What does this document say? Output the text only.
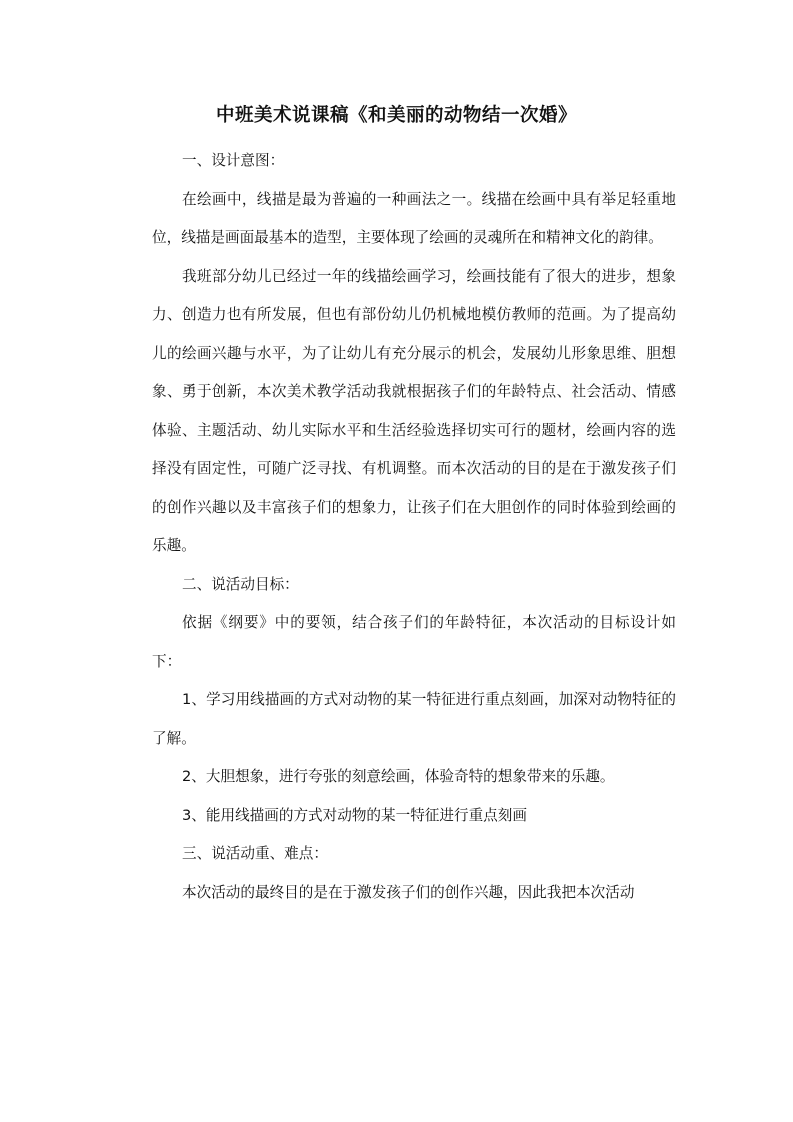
中班美术说课稿《和美丽的动物结一次婚》

一、设计意图：

在绘画中，线描是最为普遍的一种画法之一。线描在绘画中具有举足轻重地位，线描是画面最基本的造型，主要体现了绘画的灵魂所在和精神文化的韵律。

我班部分幼儿已经过一年的线描绘画学习，绘画技能有了很大的进步，想象力、创造力也有所发展，但也有部份幼儿仍机械地模仿教师的范画。为了提高幼儿的绘画兴趣与水平，为了让幼儿有充分展示的机会，发展幼儿形象思维、胆想象、勇于创新，本次美术教学活动我就根据孩子们的年龄特点、社会活动、情感体验、主题活动、幼儿实际水平和生活经验选择切实可行的题材，绘画内容的选择没有固定性，可随广泛寻找、有机调整。而本次活动的目的是在于激发孩子们的创作兴趣以及丰富孩子们的想象力，让孩子们在大胆创作的同时体验到绘画的乐趣。

二、说活动目标：

依据《纲要》中的要领，结合孩子们的年龄特征，本次活动的目标设计如下：

1、学习用线描画的方式对动物的某一特征进行重点刻画，加深对动物特征的了解。

2、大胆想象，进行夸张的刻意绘画，体验奇特的想象带来的乐趣。

3、能用线描画的方式对动物的某一特征进行重点刻画

三、说活动重、难点：

本次活动的最终目的是在于激发孩子们的创作兴趣，因此我把本次活动
